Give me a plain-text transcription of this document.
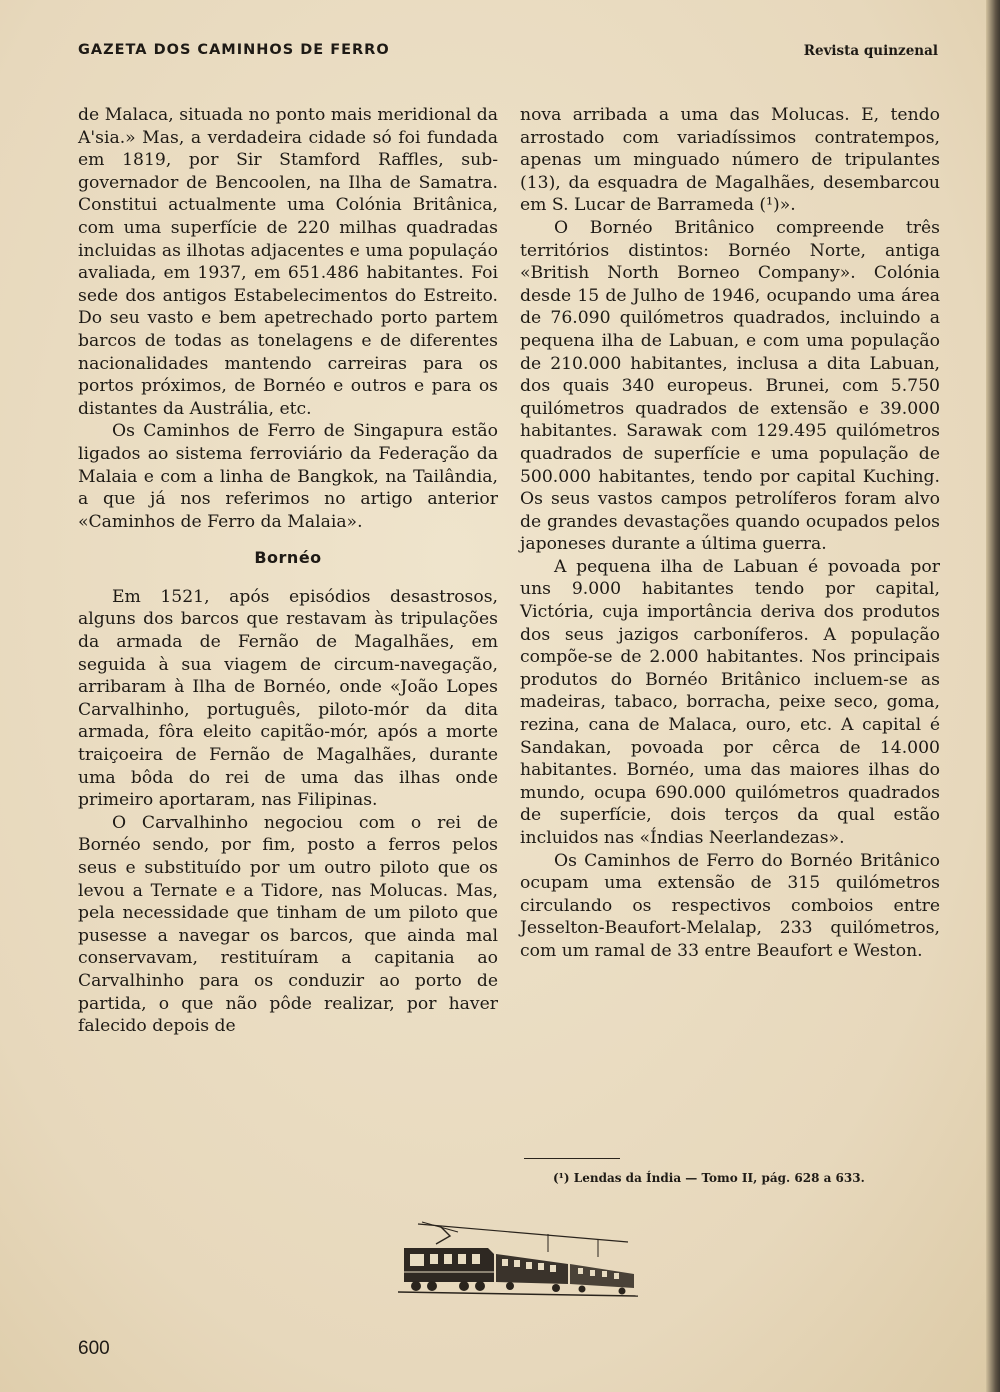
GAZETA DOS CAMINHOS DE FERRO	Revista quinzenal

de Malaca, situada no ponto mais meridional da A'sia.» Mas, a verdadeira cidade só foi fundada em 1819, por Sir Stamford Raffles, sub-governador de Bencoolen, na Ilha de Samatra. Constitui actualmente uma Colónia Britânica, com uma superfície de 220 milhas quadradas incluidas as ilhotas adjacentes e uma populaçáo avaliada, em 1937, em 651.486 habitantes. Foi sede dos antigos Estabelecimentos do Estreito. Do seu vasto e bem apetrechado porto partem barcos de todas as tonelagens e de diferentes nacionalidades mantendo carreiras para os portos próximos, de Bornéo e outros e para os distantes da Austrália, etc.

Os Caminhos de Ferro de Singapura estão ligados ao sistema ferroviário da Federação da Malaia e com a linha de Bangkok, na Tailândia, a que já nos referimos no artigo anterior «Caminhos de Ferro da Malaia».

Bornéo

Em 1521, após episódios desastrosos, alguns dos barcos que restavam às tripulações da armada de Fernão de Magalhães, em seguida à sua viagem de circum-navegação, arribaram à Ilha de Bornéo, onde «João Lopes Carvalhinho, português, piloto-mór da dita armada, fôra eleito capitão-mór, após a morte traiçoeira de Fernão de Magalhães, durante uma bôda do rei de uma das ilhas onde primeiro aportaram, nas Filipinas.

O Carvalhinho negociou com o rei de Bornéo sendo, por fim, posto a ferros pelos seus e substituído por um outro piloto que os levou a Ternate e a Tidore, nas Molucas. Mas, pela necessidade que tinham de um piloto que pusesse a navegar os barcos, que ainda mal conservavam, restituíram a capitania ao Carvalhinho para os conduzir ao porto de partida, o que não pôde realizar, por haver falecido depois de

nova arribada a uma das Molucas. E, tendo arrostado com variadíssimos contratempos, apenas um minguado número de tripulantes (13), da esquadra de Magalhães, desembarcou em S. Lucar de Barrameda (¹)».

O Bornéo Britânico compreende três territórios distintos: Bornéo Norte, antiga «British North Borneo Company». Colónia desde 15 de Julho de 1946, ocupando uma área de 76.090 quilómetros quadrados, incluindo a pequena ilha de Labuan, e com uma população de 210.000 habitantes, inclusa a dita Labuan, dos quais 340 europeus. Brunei, com 5.750 quilómetros quadrados de extensão e 39.000 habitantes. Sarawak com 129.495 quilómetros quadrados de superfície e uma população de 500.000 habitantes, tendo por capital Kuching. Os seus vastos campos petrolíferos foram alvo de grandes devastações quando ocupados pelos japoneses durante a última guerra.

A pequena ilha de Labuan é povoada por uns 9.000 habitantes tendo por capital, Victória, cuja importância deriva dos produtos dos seus jazigos carboníferos. A população compõe-se de 2.000 habitantes. Nos principais produtos do Bornéo Britânico incluem-se as madeiras, tabaco, borracha, peixe seco, goma, rezina, cana de Malaca, ouro, etc. A capital é Sandakan, povoada por cêrca de 14.000 habitantes. Bornéo, uma das maiores ilhas do mundo, ocupa 690.000 quilómetros quadrados de superfície, dois terços da qual estão incluidos nas «Índias Neerlandezas».

Os Caminhos de Ferro do Bornéo Britânico ocupam uma extensão de 315 quilómetros circulando os respectivos comboios entre Jesselton-Beaufort-Melalap, 233 quilómetros, com um ramal de 33 entre Beaufort e Weston.

(¹) Lendas da Índia — Tomo II, pág. 628 a 633.
600
